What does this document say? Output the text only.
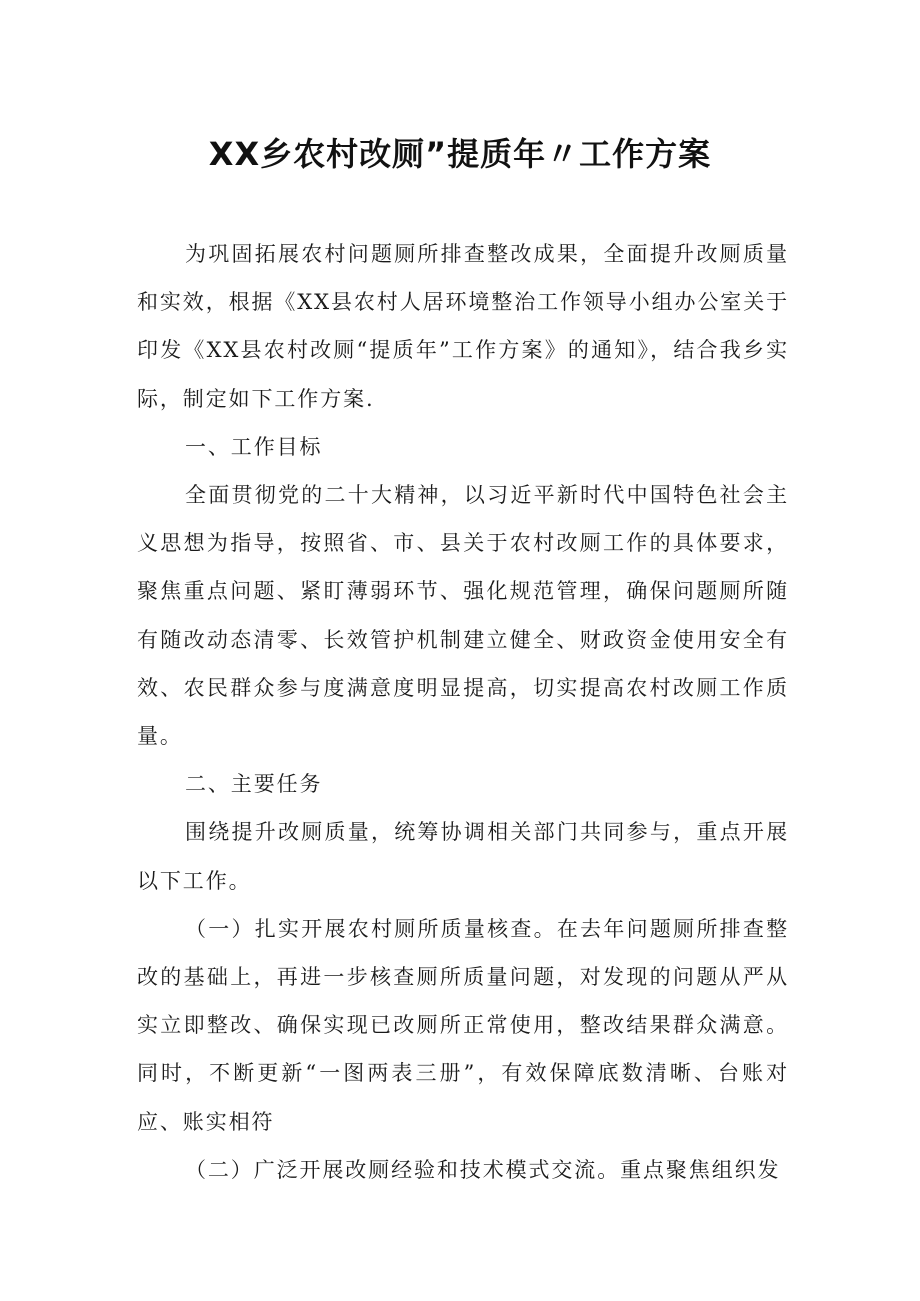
XX乡农村改厕”提质年〃工作方案

为巩固拓展农村问题厕所排查整改成果，全面提升改厕质量和实效，根据《XX县农村人居环境整治工作领导小组办公室关于印发《XX县农村改厕“提质年”工作方案》的通知》，结合我乡实际，制定如下工作方案.

一、工作目标

全面贯彻党的二十大精神，以习近平新时代中国特色社会主义思想为指导，按照省、市、县关于农村改厕工作的具体要求，聚焦重点问题、紧盯薄弱环节、强化规范管理，确保问题厕所随有随改动态清零、长效管护机制建立健全、财政资金使用安全有效、农民群众参与度满意度明显提高，切实提高农村改厕工作质量。

二、主要任务

围绕提升改厕质量，统筹协调相关部门共同参与，重点开展以下工作。

（一）扎实开展农村厕所质量核查。在去年问题厕所排查整改的基础上，再进一步核查厕所质量问题，对发现的问题从严从实立即整改、确保实现已改厕所正常使用，整改结果群众满意。同时，不断更新“一图两表三册”，有效保障底数清晰、台账对应、账实相符

（二）广泛开展改厕经验和技术模式交流。重点聚焦组织发
